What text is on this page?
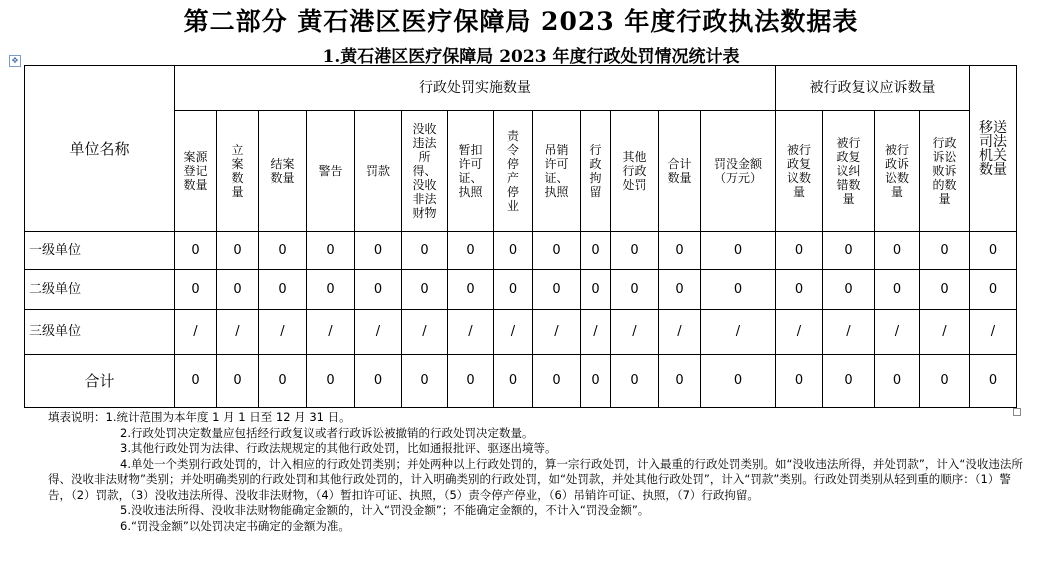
第二部分 黄石港区医疗保障局 2023 年度行政执法数据表
1.黄石港区医疗保障局 2023 年度行政处罚情况统计表
✥
单位名称	行政处罚实施数量													被行政复议应诉数量				移送司法机关数量

	案源登记数量	立案数量	结案数量	警告	罚款	没收违法所得、没收非法财物	暂扣许可证、执照	责令停产停业	吊销许可证、执照	行政拘留	其他行政处罚	合计数量	罚没金额（万元）	被行政复议数量	被行政复议纠错数量	被行政诉讼数量	行政诉讼败诉的数量	

一级单位	0	0	0	0	0	0	0	0	0	0	0	0	0	0	0	0	0	0
二级单位	0	0	0	0	0	0	0	0	0	0	0	0	0	0	0	0	0	0
三级单位	/	/	/	/	/	/	/	/	/	/	/	/	/	/	/	/	/	/
合计	0	0	0	0	0	0	0	0	0	0	0	0	0	0	0	0	0	0

填表说明：1.统计范围为本年度 1 月 1 日至 12 月 31 日。

2.行政处罚决定数量应包括经行政复议或者行政诉讼被撤销的行政处罚决定数量。

3.其他行政处罚为法律、行政法规规定的其他行政处罚，比如通报批评、驱逐出境等。

4.单处一个类别行政处罚的，计入相应的行政处罚类别；并处两种以上行政处罚的，算一宗行政处罚，计入最重的行政处罚类别。如“没收违法所得，并处罚款”，计入“没收违法所得、没收非法财物”类别；并处明确类别的行政处罚和其他行政处罚的，计入明确类别的行政处罚，如“处罚款，并处其他行政处罚”，计入“罚款”类别。行政处罚类别从轻到重的顺序：（1）警告，（2）罚款，（3）没收违法所得、没收非法财物，（4）暂扣许可证、执照，（5）责令停产停业，（6）吊销许可证、执照，（7）行政拘留。

5.没收违法所得、没收非法财物能确定金额的，计入“罚没金额”；不能确定金额的，不计入“罚没金额”。

6.“罚没金额”以处罚决定书确定的金额为准。
